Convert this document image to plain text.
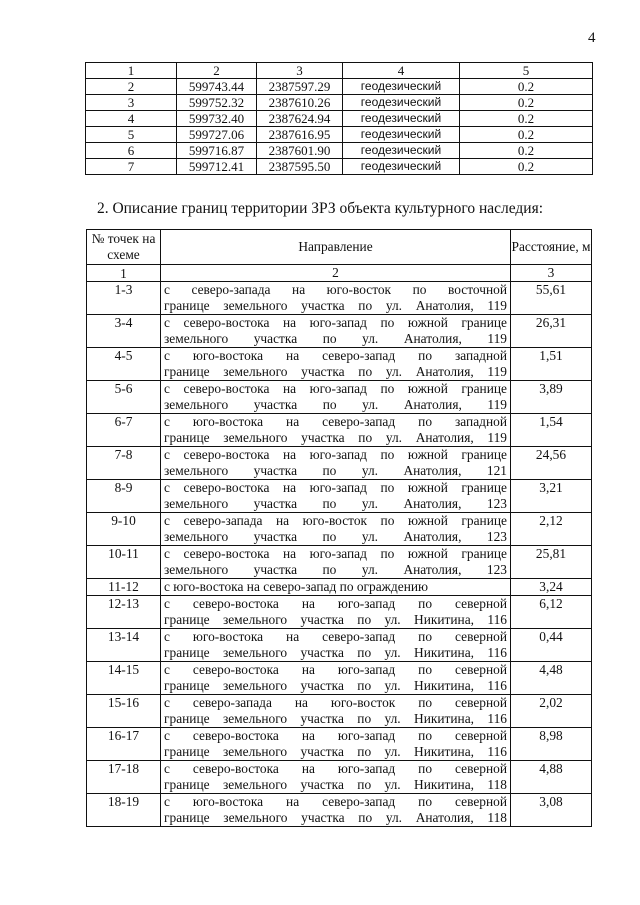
4
1	2	3	4	5
2	599743.44	2387597.29	геодезический	0.2
3	599752.32	2387610.26	геодезический	0.2
4	599732.40	2387624.94	геодезический	0.2
5	599727.06	2387616.95	геодезический	0.2
6	599716.87	2387601.90	геодезический	0.2
7	599712.41	2387595.50	геодезический	0.2
2. Описание границ территории ЗРЗ объекта культурного наследия:
№ точек на схеме	Направление	Расстояние, м
1	2	3
1-3	с северо-запада на юго-восток по восточной
границе земельного участка по ул. Анатолия, 119	55,61
3-4	с северо-востока на юго-запад по южной границе
земельного участка по ул. Анатолия, 119	26,31
4-5	с юго-востока на северо-запад по западной
границе земельного участка по ул. Анатолия, 119	1,51
5-6	с северо-востока на юго-запад по южной границе
земельного участка по ул. Анатолия, 119	3,89
6-7	с юго-востока на северо-запад по западной
границе земельного участка по ул. Анатолия, 119	1,54
7-8	с северо-востока на юго-запад по южной границе
земельного участка по ул. Анатолия, 121	24,56
8-9	с северо-востока на юго-запад по южной границе
земельного участка по ул. Анатолия, 123	3,21
9-10	с северо-запада на юго-восток по южной границе
земельного участка по ул. Анатолия, 123	2,12
10-11	с северо-востока на юго-запад по южной границе
земельного участка по ул. Анатолия, 123	25,81
11-12	с юго-востока на северо-запад по ограждению	3,24
12-13	с северо-востока на юго-запад по северной
границе земельного участка по ул. Никитина, 116	6,12
13-14	с юго-востока на северо-запад по северной
границе земельного участка по ул. Никитина, 116	0,44
14-15	с северо-востока на юго-запад по северной
границе земельного участка по ул. Никитина, 116	4,48
15-16	с северо-запада на юго-восток по северной
границе земельного участка по ул. Никитина, 116	2,02
16-17	с северо-востока на юго-запад по северной
границе земельного участка по ул. Никитина, 116	8,98
17-18	с северо-востока на юго-запад по северной
границе земельного участка по ул. Никитина, 118	4,88
18-19	с юго-востока на северо-запад по северной
границе земельного участка по ул. Анатолия, 118	3,08
